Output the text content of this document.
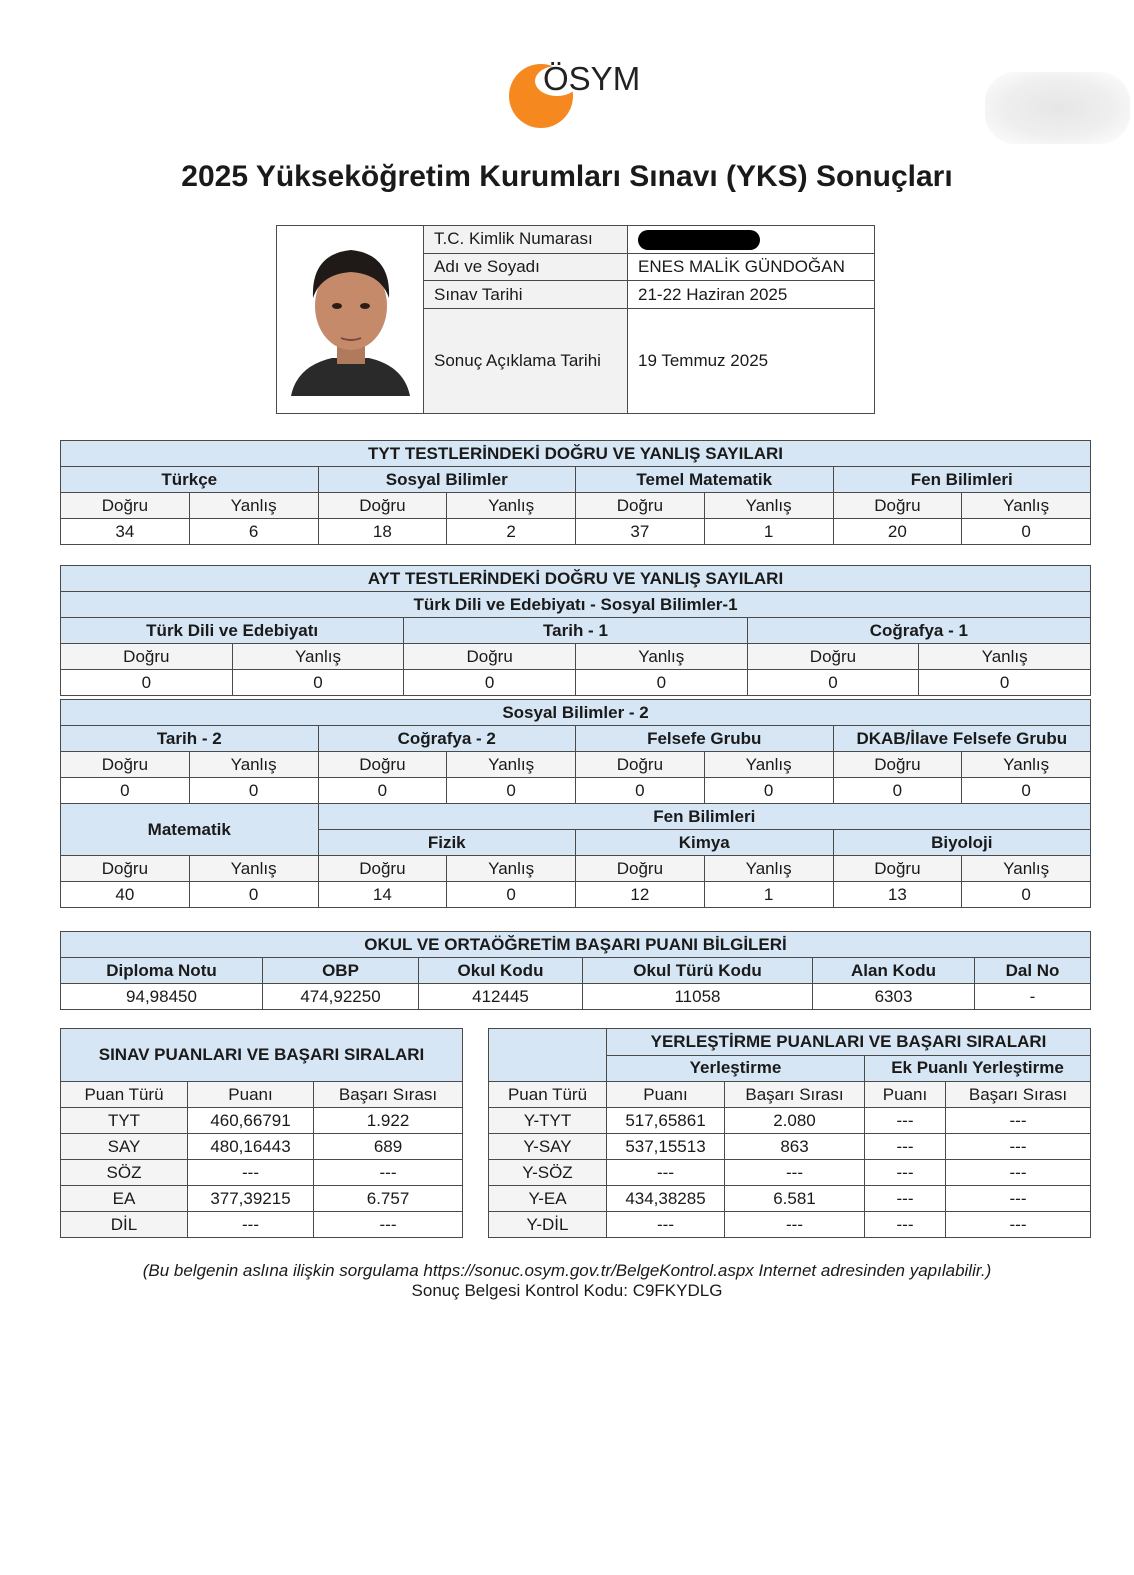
ÖSYM
2025 Yükseköğretim Kurumları Sınavı (YKS) Sonuçları
	T.C. Kimlik Numarası	
	Adı ve Soyadı	ENES MALİK GÜNDOĞAN
	Sınav Tarihi	21-22 Haziran 2025
	Sonuç Açıklama Tarihi	19 Temmuz 2025
TYT TESTLERİNDEKİ DOĞRU VE YANLIŞ SAYILARI							
Türkçe		Sosyal Bilimler		Temel Matematik		Fen Bilimleri	
Doğru	Yanlış	Doğru	Yanlış	Doğru	Yanlış	Doğru	Yanlış
34	6	18	2	37	1	20	0
AYT TESTLERİNDEKİ DOĞRU VE YANLIŞ SAYILARI					
Türk Dili ve Edebiyatı - Sosyal Bilimler-1					
Türk Dili ve Edebiyatı		Tarih - 1		Coğrafya - 1	
Doğru	Yanlış	Doğru	Yanlış	Doğru	Yanlış
0	0	0	0	0	0
Sosyal Bilimler - 2							
Tarih - 2		Coğrafya - 2		Felsefe Grubu		DKAB/İlave Felsefe Grubu	
Doğru	Yanlış	Doğru	Yanlış	Doğru	Yanlış	Doğru	Yanlış
0	0	0	0	0	0	0	0
Matematik		Fen Bilimleri					
		Fizik		Kimya		Biyoloji	
Doğru	Yanlış	Doğru	Yanlış	Doğru	Yanlış	Doğru	Yanlış
40	0	14	0	12	1	13	0
OKUL VE ORTAÖĞRETİM BAŞARI PUANI BİLGİLERİ					
Diploma Notu	OBP	Okul Kodu	Okul Türü Kodu	Alan Kodu	Dal No
94,98450	474,92250	412445	11058	6303	-
SINAV PUANLARI VE BAŞARI SIRALARI		
Puan Türü	Puanı	Başarı Sırası
TYT	460,66791	1.922
SAY	480,16443	689
SÖZ	---	---
EA	377,39215	6.757
DİL	---	---
	YERLEŞTİRME PUANLARI VE BAŞARI SIRALARI			
	Yerleştirme		Ek Puanlı Yerleştirme	
Puan Türü	Puanı	Başarı Sırası	Puanı	Başarı Sırası
Y-TYT	517,65861	2.080	---	---
Y-SAY	537,15513	863	---	---
Y-SÖZ	---	---	---	---
Y-EA	434,38285	6.581	---	---
Y-DİL	---	---	---	---
(Bu belgenin aslına ilişkin sorgulama https://sonuc.osym.gov.tr/BelgeKontrol.aspx Internet adresinden yapılabilir.)
Sonuç Belgesi Kontrol Kodu: C9FKYDLG
